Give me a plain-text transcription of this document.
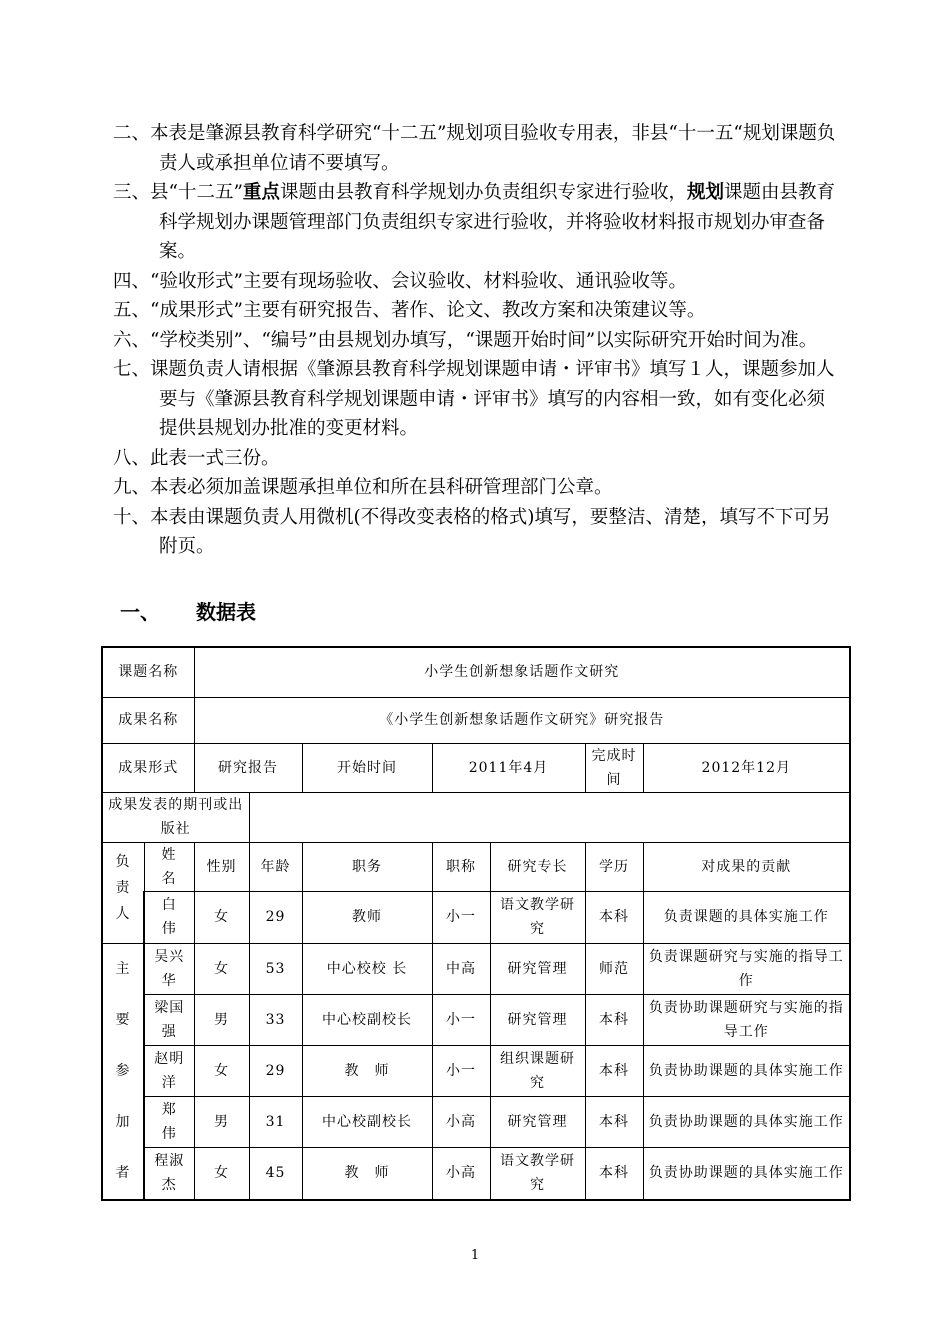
二、本表是肇源县教育科学研究“十二五”规划项目验收专用表，非县“十一五“规划课题负责人或承担单位请不要填写。
三、县“十二五”重点课题由县教育科学规划办负责组织专家进行验收，规划课题由县教育科学规划办课题管理部门负责组织专家进行验收，并将验收材料报市规划办审查备案。
四、“验收形式”主要有现场验收、会议验收、材料验收、通讯验收等。
五、“成果形式”主要有研究报告、著作、论文、教改方案和决策建议等。
六、“学校类别”、“编号”由县规划办填写，“课题开始时间”以实际研究开始时间为准。
七、课题负责人请根据《肇源县教育科学规划课题申请・评审书》填写１人，课题参加人要与《肇源县教育科学规划课题申请・评审书》填写的内容相一致，如有变化必须提供县规划办批准的变更材料。
八、此表一式三份。
九、本表必须加盖课题承担单位和所在县科研管理部门公章。
十、本表由课题负责人用微机(不得改变表格的格式)填写，要整洁、清楚，填写不下可另附页。
一、 数据表
课题名称		小学生创新想象话题作文研究						
成果名称		《小学生创新想象话题作文研究》研究报告						
成果形式		研究报告		开始时间	2011年4月		完成时间	2012年12月
成果发表的期刊或出版社								

负
责
人	姓　名	性别	年龄	职务	职称	研究专长	学历	对成果的贡献
	白　伟	女	29	教师	小一	语文教学研究	本科	负责课题的具体实施工作

主
要
参
加
者	吴兴华	女	53	中心校校 长	中高	研究管理	师范	负责课题研究与实施的指导工作
	梁国强	男	33	中心校副校长	小一	研究管理	本科	负责协助课题研究与实施的指导工作
	赵明洋	女	29	教　师	小一	组织课题研究	本科	负责协助课题的具体实施工作
	郑　伟	男	31	中心校副校长	小高	研究管理	本科	负责协助课题的具体实施工作
	程淑杰	女	45	教　师	小高	语文教学研究	本科	负责协助课题的具体实施工作
1
